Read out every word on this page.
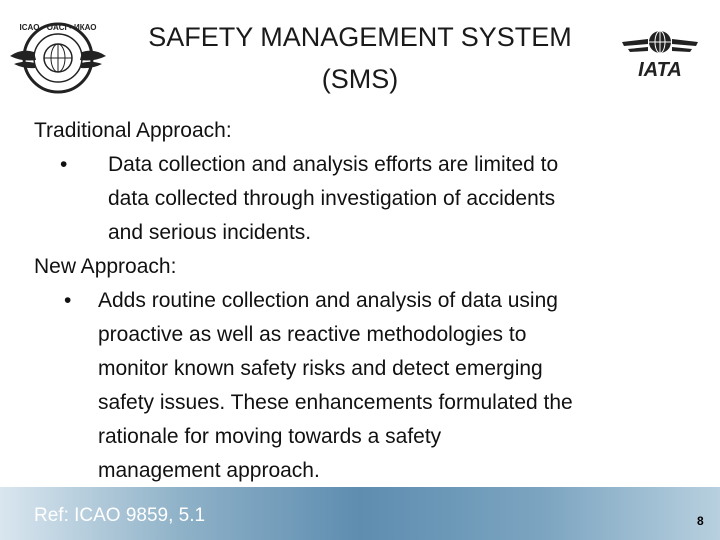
ICAO • OACI • ИКАО	SAFETY MANAGEMENT SYSTEM
(SMS)	IATA

Traditional Approach:

• Data collection and analysis efforts are limited to
data collected through investigation of accidents
and serious incidents.

New Approach:

• Adds routine collection and analysis of data using
proactive as well as reactive methodologies to
monitor known safety risks and detect emerging
safety issues. These enhancements formulated the
rationale for moving towards a safety
management approach.
Ref: ICAO 9859, 5.1	8
